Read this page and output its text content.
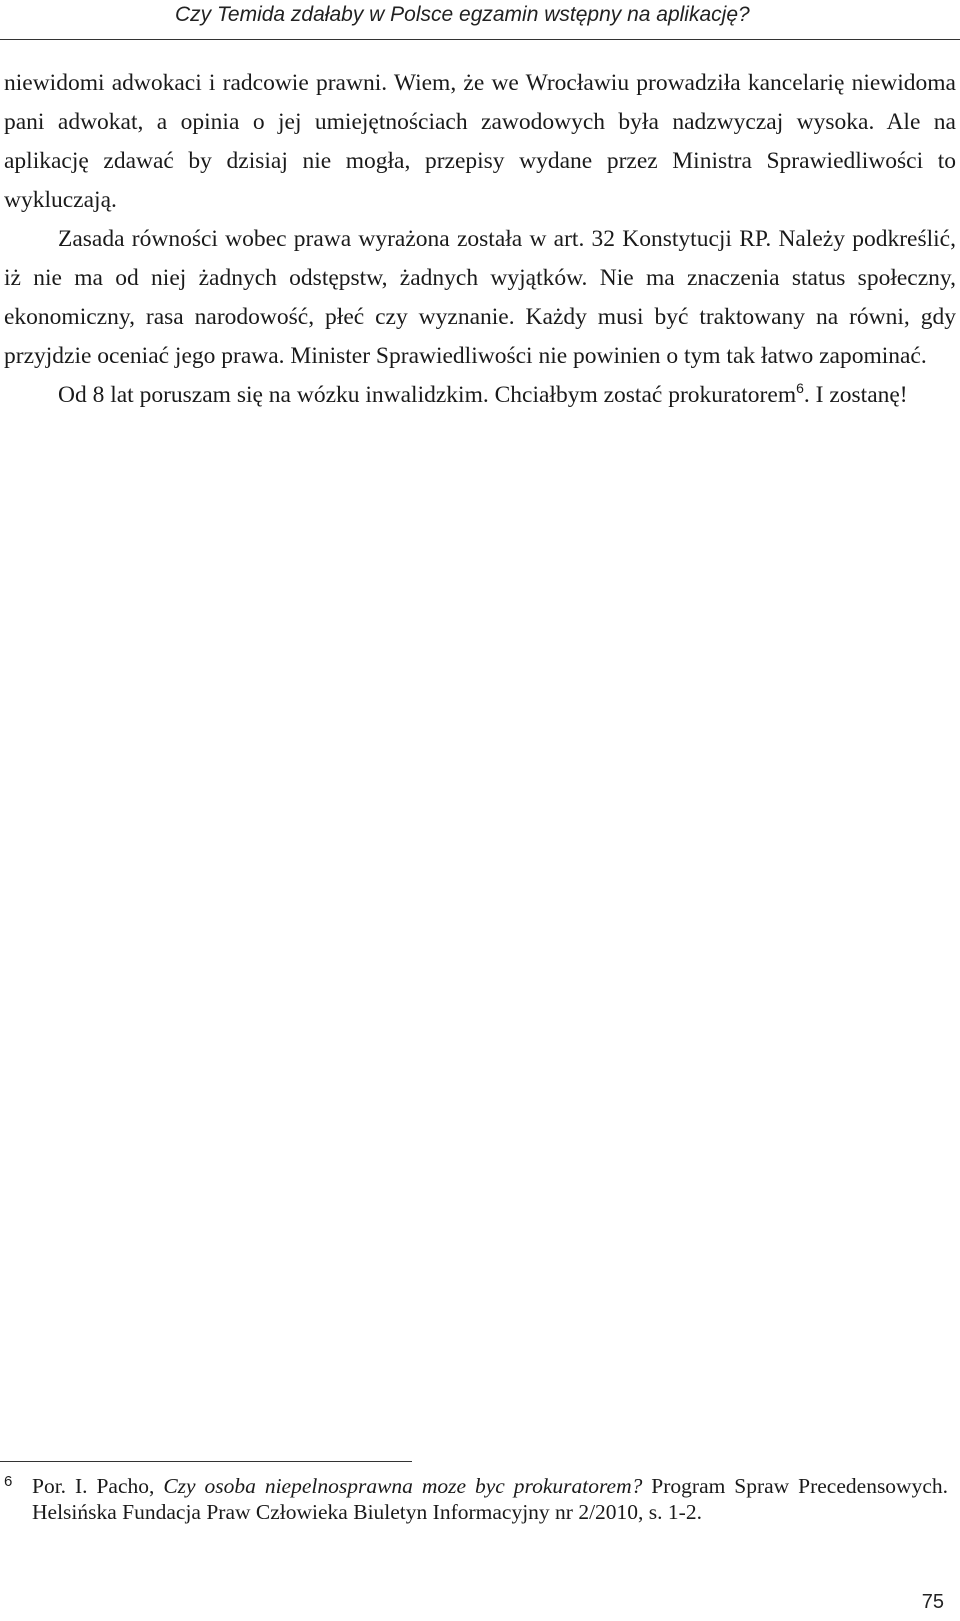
Czy Temida zdałaby w Polsce egzamin wstępny na aplikację?

niewidomi adwokaci i radcowie prawni. Wiem, że we Wrocławiu prowadziła kancelarię niewidoma pani adwokat, a opinia o jej umiejętnościach zawodowych była nadzwyczaj wysoka. Ale na aplikację zdawać by dzisiaj nie mogła, przepisy wydane przez Ministra Sprawiedliwości to wykluczają.

Zasada równości wobec prawa wyrażona została w art. 32 Konstytucji RP. Należy podkreślić, iż nie ma od niej żadnych odstępstw, żadnych wyjątków. Nie ma znaczenia status społeczny, ekonomiczny, rasa narodowość, płeć czy wyznanie. Każdy musi być traktowany na równi, gdy przyjdzie oceniać jego prawa. Minister Sprawiedliwości nie powinien o tym tak łatwo zapominać.

Od 8 lat poruszam się na wózku inwalidzkim. Chciałbym zostać prokuratorem$^6$. I zostanę!

6 Por. I. Pacho, Czy osoba niepelnosprawna moze byc prokuratorem? Program Spraw Precedensowych. Helsińska Fundacja Praw Człowieka Biuletyn Informacyjny nr 2/2010, s. 1-2.
75
